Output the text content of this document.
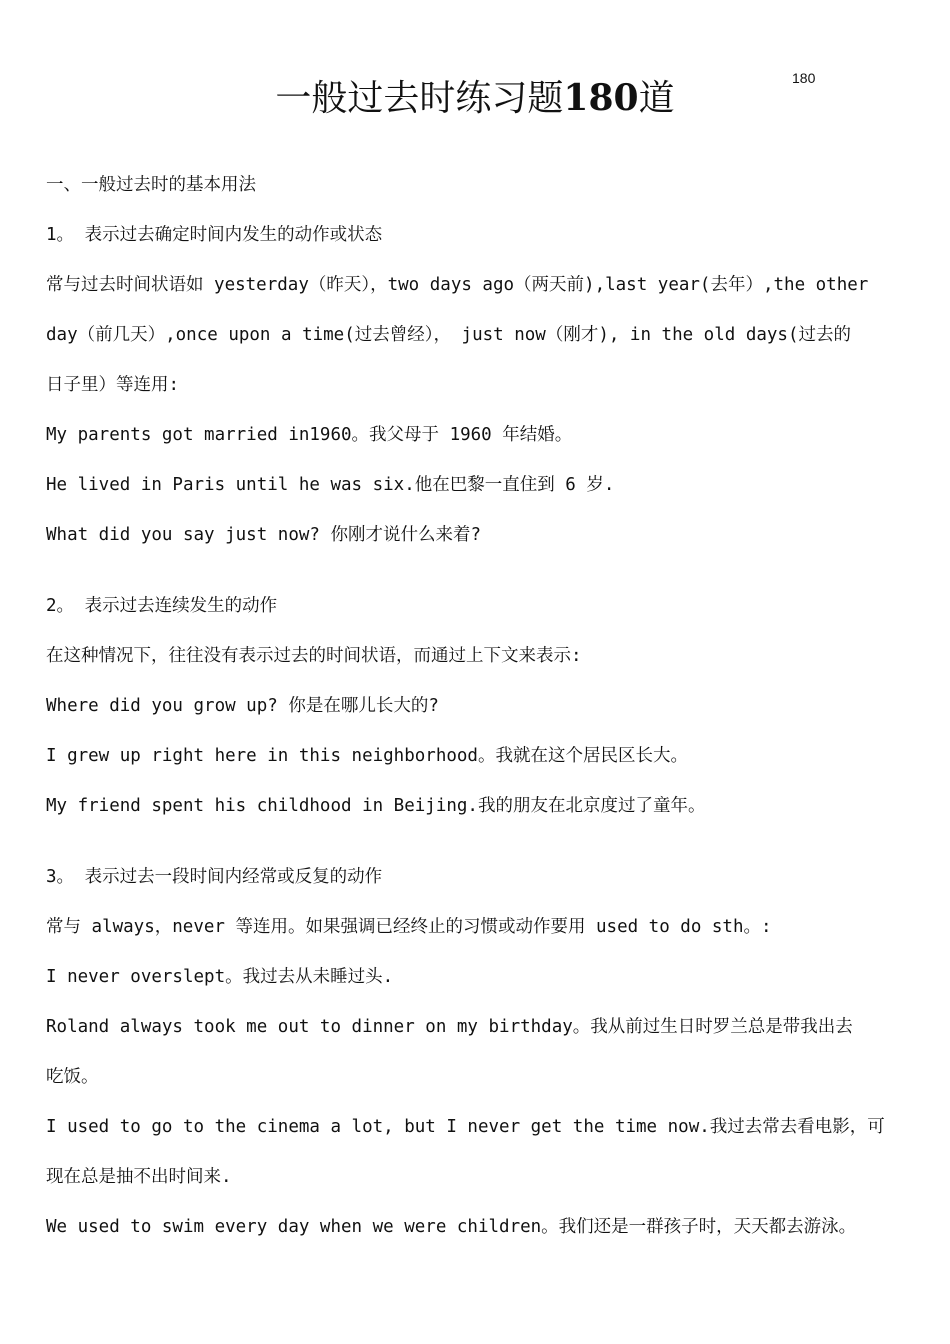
180
一般过去时练习题180道
一、一般过去时的基本用法
1。 表示过去确定时间内发生的动作或状态
常与过去时间状语如 yesterday（昨天），two days ago（两天前),last year(去年）,the other
day（前几天）,once upon a time(过去曾经）， just now（刚才), in the old days(过去的
日子里）等连用:
My parents got married in1960。我父母于 1960 年结婚。
He lived in Paris until he was six.他在巴黎一直住到 6 岁.
What did you say just now? 你刚才说什么来着?
2。 表示过去连续发生的动作
在这种情况下，往往没有表示过去的时间状语，而通过上下文来表示:
Where did you grow up? 你是在哪儿长大的?
I grew up right here in this neighborhood。我就在这个居民区长大。
My friend spent his childhood in Beijing.我的朋友在北京度过了童年。
3。 表示过去一段时间内经常或反复的动作
常与 always，never 等连用。如果强调已经终止的习惯或动作要用 used to do sth。:
I never overslept。我过去从未睡过头.
Roland always took me out to dinner on my birthday。我从前过生日时罗兰总是带我出去
吃饭。
I used to go to the cinema a lot, but I never get the time now.我过去常去看电影，可
现在总是抽不出时间来.
We used to swim every day when we were children。我们还是一群孩子时，天天都去游泳。
